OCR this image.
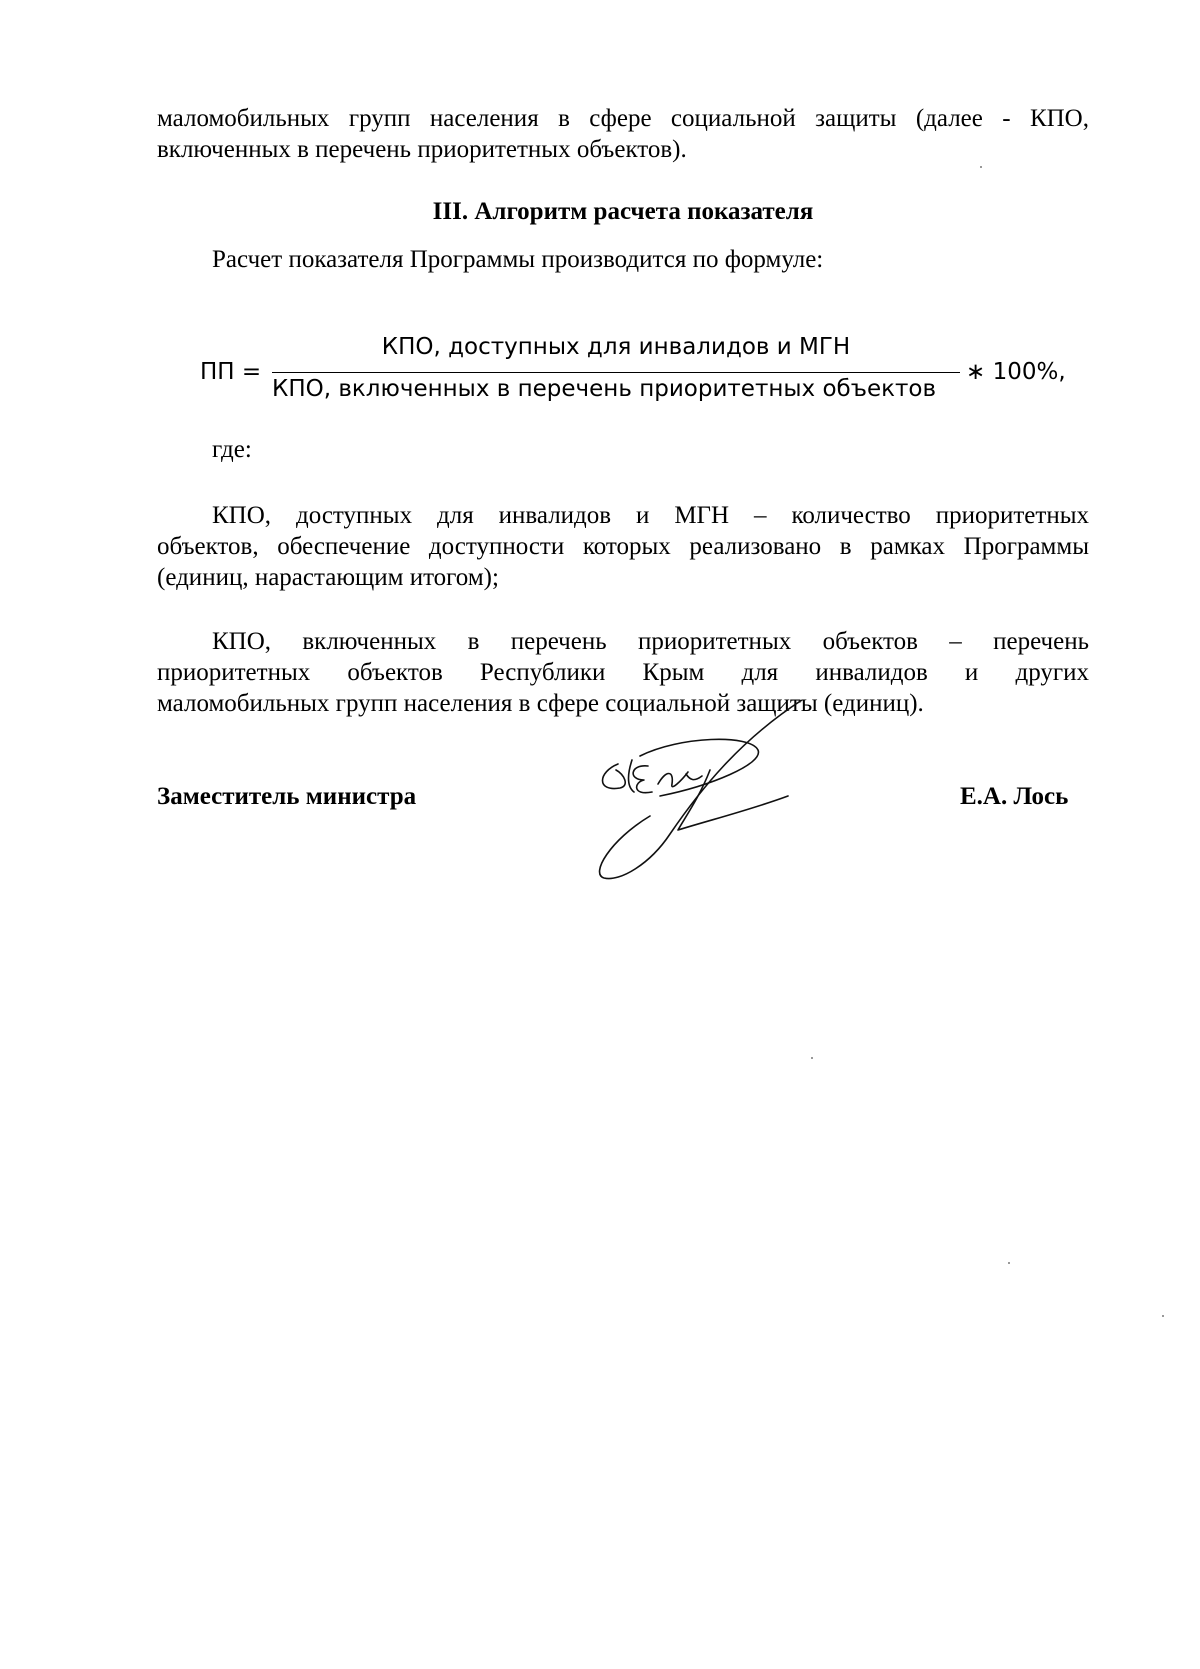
маломобильных групп населения в сфере социальной защиты (далее - КПО,
включенных в перечень приоритетных объектов).
III. Алгоритм расчета показателя
Расчет показателя Программы производится по формуле:
ПП =
КПО, доступных для инвалидов и МГН
КПО, включенных в перечень приоритетных объектов
∗ 100%,
где:
КПО, доступных для инвалидов и МГН – количество приоритетных
объектов, обеспечение доступности которых реализовано в рамках Программы
(единиц, нарастающим итогом);
КПО, включенных в перечень приоритетных объектов – перечень
приоритетных объектов Республики Крым для инвалидов и других
маломобильных групп населения в сфере социальной защиты (единиц).
Заместитель министра	Е.А. Лось
